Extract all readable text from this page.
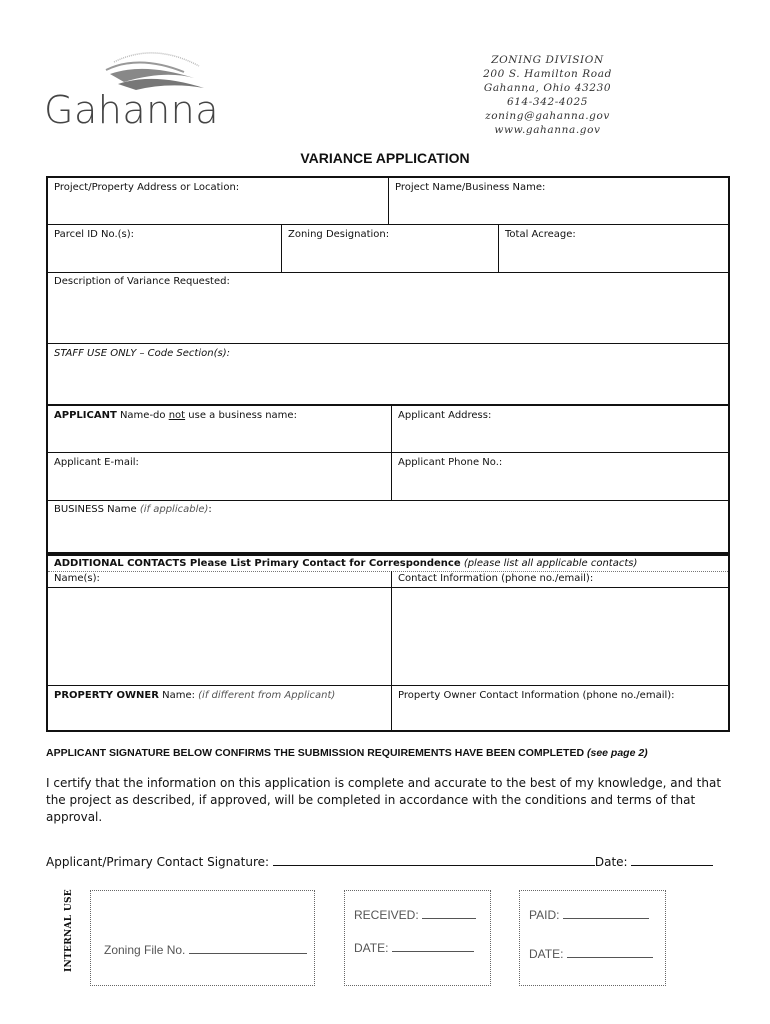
Gahanna
ZONING DIVISION
200 S. Hamilton Road
Gahanna, Ohio 43230
614-342-4025
zoning@gahanna.gov
www.gahanna.gov
VARIANCE APPLICATION
Project/Property Address or Location:	Project Name/Business Name:
Parcel ID No.(s):	Zoning Designation:	Total Acreage:
Description of Variance Requested:
STAFF USE ONLY – Code Section(s):
APPLICANT Name-do not use a business name:	Applicant Address:
Applicant E-mail:	Applicant Phone No.:
BUSINESS Name (if applicable):
ADDITIONAL CONTACTS Please List Primary Contact for Correspondence (please list all applicable contacts)
Name(s):	Contact Information (phone no./email):
PROPERTY OWNER Name: (if different from Applicant)	Property Owner Contact Information (phone no./email):
APPLICANT SIGNATURE BELOW CONFIRMS THE SUBMISSION REQUIREMENTS HAVE BEEN COMPLETED (see page 2)
I certify that the information on this application is complete and accurate to the best of my knowledge, and that the project as described, if approved, will be completed in accordance with the conditions and terms of that approval.
Applicant/Primary Contact Signature:	Date:
INTERNAL USE	Zoning File No.
RECEIVED:
DATE:
PAID:
DATE:
